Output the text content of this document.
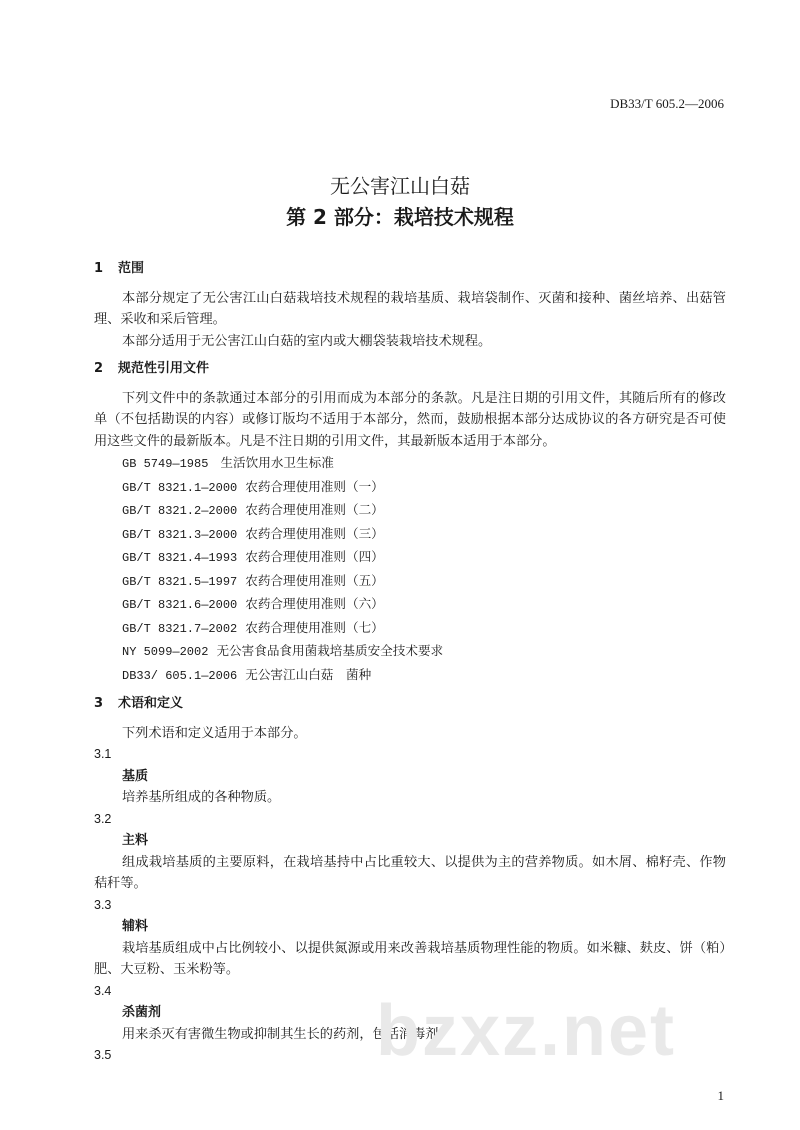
DB33/T 605.2—2006
无公害江山白菇
第 2 部分：栽培技术规程

1 范围

本部分规定了无公害江山白菇栽培技术规程的栽培基质、栽培袋制作、灭菌和接种、菌丝培养、出菇管理、采收和采后管理。

本部分适用于无公害江山白菇的室内或大棚袋装栽培技术规程。

2 规范性引用文件

下列文件中的条款通过本部分的引用而成为本部分的条款。凡是注日期的引用文件，其随后所有的修改单（不包括勘误的内容）或修订版均不适用于本部分，然而，鼓励根据本部分达成协议的各方研究是否可使用这些文件的最新版本。凡是不注日期的引用文件，其最新版本适用于本部分。

GB 5749—1985 生活饮用水卫生标准

GB/T 8321.1—2000 农药合理使用准则（一）

GB/T 8321.2—2000 农药合理使用准则（二）

GB/T 8321.3—2000 农药合理使用准则（三）

GB/T 8321.4—1993 农药合理使用准则（四）

GB/T 8321.5—1997 农药合理使用准则（五）

GB/T 8321.6—2000 农药合理使用准则（六）

GB/T 8321.7—2002 农药合理使用准则（七）

NY 5099—2002 无公害食品食用菌栽培基质安全技术要求

DB33/ 605.1—2006 无公害江山白菇　菌种

3 术语和定义

下列术语和定义适用于本部分。

3.1

基质

培养基所组成的各种物质。

3.2

主料

组成栽培基质的主要原料，在栽培基持中占比重较大、以提供为主的营养物质。如木屑、棉籽壳、作物秸秆等。

3.3

辅料

栽培基质组成中占比例较小、以提供氮源或用来改善栽培基质物理性能的物质。如米糠、麸皮、饼（粕）肥、大豆粉、玉米粉等。

3.4

杀菌剂

用来杀灭有害微生物或抑制其生长的药剂，包括消毒剂。

3.5	bzxz.net
1
